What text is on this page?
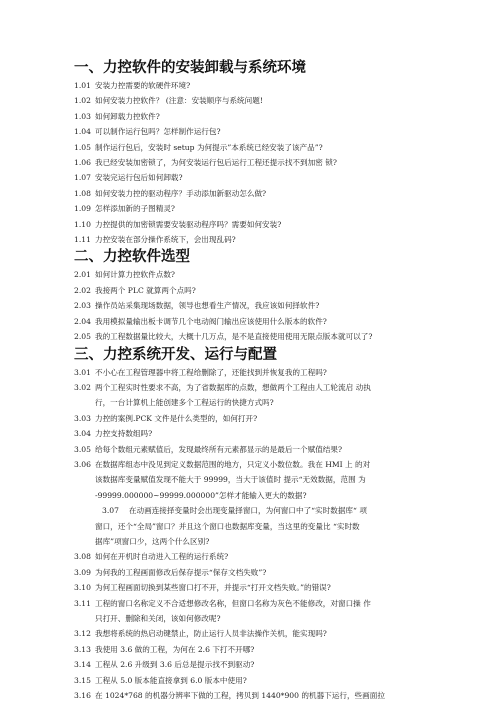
一、力控软件的安装卸载与系统环境
1.01 安装力控需要的软硬件环境?
1.02 如何安装力控软件？ (注意：安装顺序与系统问题!
1.03 如何卸载力控软件?
1.04 可以制作运行包吗？怎样制作运行包?
1.05 制作运行包后，安装时 setup 为何提示”本系统已经安装了该产品”?
1.06 我已经安装加密锁了，为何安装运行包后运行工程还提示找不到加密 锁?
1.07 安装完运行包后如何卸载?
1.08 如何安装力控的驱动程序？手动添加新驱动怎么做?
1.09 怎样添加新的子图精灵?
1.10 力控提供的加密锁需要安装驱动程序吗？需要如何安装?
1.11 力控安装在部分操作系统下，会出现乱码?
二、力控软件选型
2.01 如何计算力控软件点数?
2.02 我接两个 PLC 就算两个点吗?
2.03 操作员站采集现场数据，领导也想看生产情况，我应该如何择软件?
2.04 我用模拟量输出板卡调节几个电动阀门输出应该使用什么版本的软件?
2.05 我的工程数据量比较大，大概十几万点，是不是直接使用使用无限点版本就可以了?
三、力控系统开发、运行与配置
3.01 不小心在工程管理器中将工程给删除了，还能找到并恢复我的工程吗?
3.02 两个工程实时性要求不高，为了省数据库的点数，想做两个工程由人工轮流启 动执
行，一台计算机上能创建多个工程运行的快捷方式吗?
3.03 力控的案例.PCK 文件是什么类型的，如何打开?
3.04 力控支持数组吗?
3.05 给每个数组元素赋值后，发现最终所有元素都显示的是最后一个赋值结果?
3.06 在数据库组态中没见到定义数据范围的地方，只定义小数位数。我在 HMI 上 的对
该数据库变量赋值发现不能大于 99999，当大于该值时 提示“无效数据，范围 为
-99999.000000~99999.000000”怎样才能输入更大的数据?
3.07 在动画连接择变量时会出现变量择窗口，为何窗口中了“实时数据库“ 项
窗口，还个“全局”窗口？并且这个窗口也数据库变量，当这里的变量比 “实时数
据库”项窗口少，这两个什么区别?
3.08 如何在开机时自动进入工程的运行系统?
3.09 为何我的工程画面修改后保存提示“保存文档失败”?
3.10 为何工程画面切换到某些窗口打不开，并提示“打开文档失败。”的错误?
3.11 工程的窗口名称定义不合适想修改名称，但窗口名称为灰色不能修改，对窗口操 作
只打开、删除和关闭，该如何修改呢?
3.12 我想将系统的热启动键禁止，防止运行人员非法操作关机，能实现吗?
3.13 我使用 3.6 做的工程，为何在 2.6 下打不开哪?
3.14 工程从 2.6 升级到 3.6 后总是提示找不到驱动?
3.15 工程从 5.0 版本能直接拿到 6.0 版本中使用?
3.16 在 1024*768 的机器分辨率下做的工程，拷贝到 1440*900 的机器下运行，些画面拉
